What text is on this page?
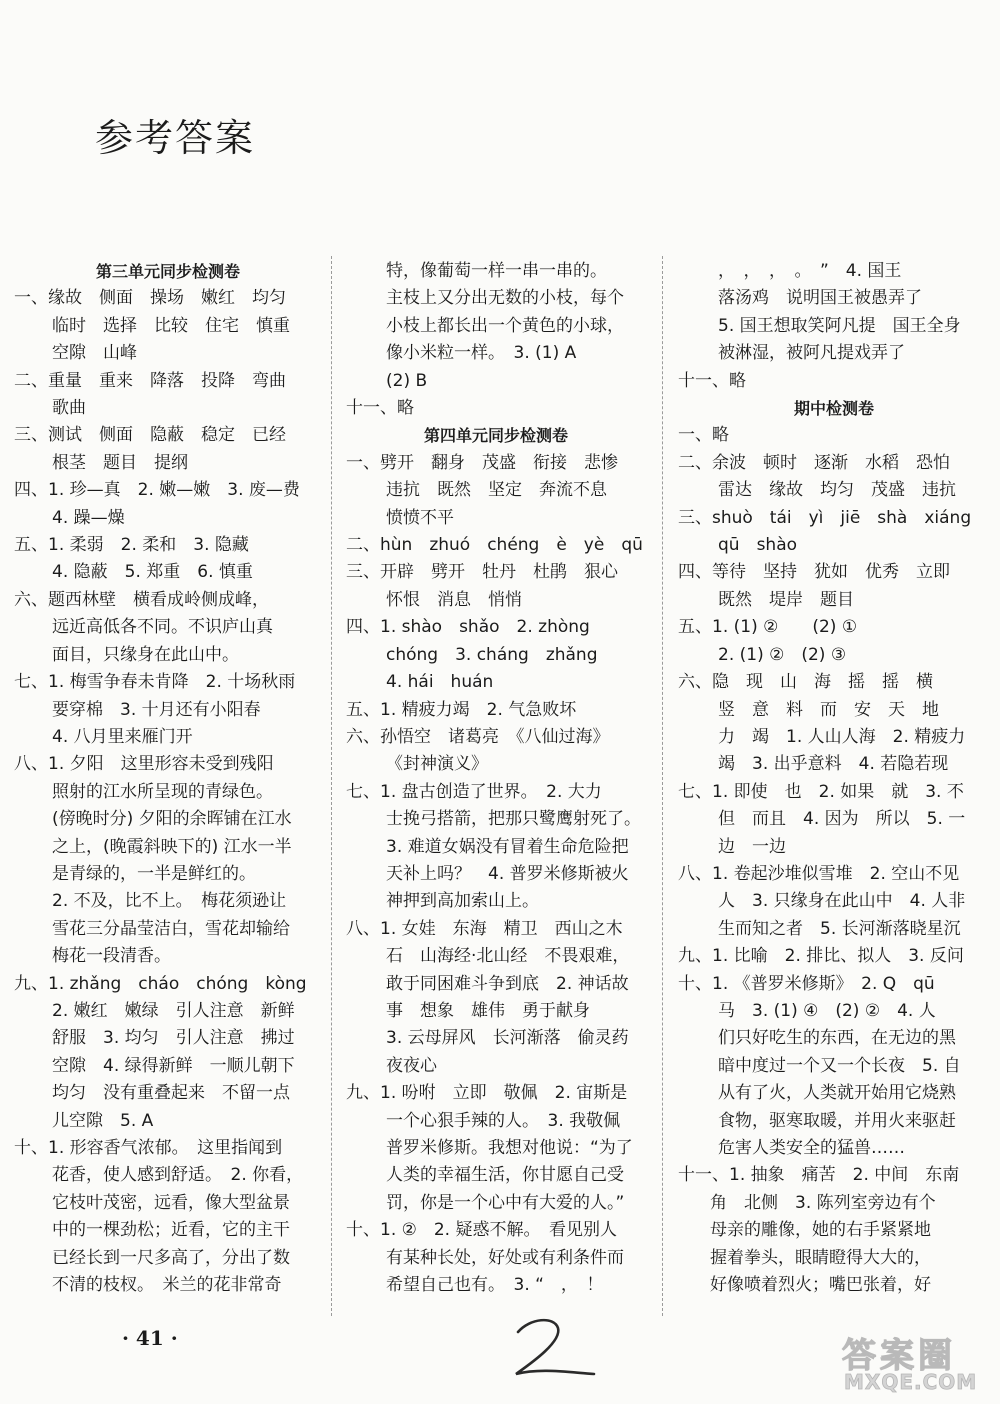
参考答案
第三单元同步检测卷
一、缘故　侧面　操场　嫩红　均匀
临时　选择　比较　住宅　慎重
空隙　山峰
二、重量　重来　降落　投降　弯曲
歌曲
三、测试　侧面　隐蔽　稳定　已经
根茎　题目　提纲
四、1. 珍—真　2. 嫩—嫩　3. 废—费
4. 躁—燥
五、1. 柔弱　2. 柔和　3. 隐藏
4. 隐蔽　5. 郑重　6. 慎重
六、题西林壁　横看成岭侧成峰，
远近高低各不同。不识庐山真
面目，只缘身在此山中。
七、1. 梅雪争春未肯降　2. 十场秋雨
要穿棉　3. 十月还有小阳春
4. 八月里来雁门开
八、1. 夕阳　这里形容未受到残阳
照射的江水所呈现的青绿色。
(傍晚时分) 夕阳的余晖铺在江水
之上，(晚霞斜映下的) 江水一半
是青绿的，一半是鲜红的。
2. 不及，比不上。　梅花须逊让
雪花三分晶莹洁白，雪花却输给
梅花一段清香。
九、1. zhǎng　cháo　chóng　kòng
2. 嫩红　嫩绿　引人注意　新鲜
舒服　3. 均匀　引人注意　拂过
空隙　4. 绿得新鲜　一顺儿朝下
均匀　没有重叠起来　不留一点
儿空隙　5. A
十、1. 形容香气浓郁。　这里指闻到
花香，使人感到舒适。　2. 你看，
它枝叶茂密，远看，像大型盆景
中的一棵劲松；近看，它的主干
已经长到一尺多高了，分出了数
不清的枝杈。　米兰的花非常奇
特，像葡萄一样一串一串的。
主枝上又分出无数的小枝，每个
小枝上都长出一个黄色的小球，
像小米粒一样。　3. (1) A
(2) B
十一、略
第四单元同步检测卷
一、劈开　翻身　茂盛　衔接　悲惨
违抗　既然　坚定　奔流不息
愤愤不平
二、hùn　zhuó　chéng　è　yè　qū
三、开辟　劈开　牡丹　杜鹃　狠心
怀恨　消息　悄悄
四、1. shào　shǎo　2. zhòng
chóng　3. cháng　zhǎng
4. hái　huán
五、1. 精疲力竭　2. 气急败坏
六、孙悟空　诸葛亮　《八仙过海》
《封神演义》
七、1. 盘古创造了世界。　2. 大力
士挽弓搭箭，把那只鹭鹰射死了。
3. 难道女娲没有冒着生命危险把
天补上吗？　4. 普罗米修斯被火
神押到高加索山上。
八、1. 女娃　东海　精卫　西山之木
石　山海经·北山经　不畏艰难，
敢于同困难斗争到底　2. 神话故
事　想象　雄伟　勇于献身
3. 云母屏风　长河渐落　偷灵药
夜夜心
九、1. 吩咐　立即　敬佩　2. 宙斯是
一个心狠手辣的人。　3. 我敬佩
普罗米修斯。我想对他说：“为了
人类的幸福生活，你甘愿自己受
罚，你是一个心中有大爱的人。”
十、1. ②　2. 疑惑不解。　看见别人
有某种长处，好处或有利条件而
希望自己也有。　3. “　，　！
，　，　，　。　”　4. 国王
落汤鸡　说明国王被愚弄了
5. 国王想取笑阿凡提　国王全身
被淋湿，被阿凡提戏弄了
十一、略
期中检测卷
一、略
二、余波　顿时　逐渐　水稻　恐怕
雷达　缘故　均匀　茂盛　违抗
三、shuò　tái　yì　jiē　shà　xiáng
qū　shào
四、等待　坚持　犹如　优秀　立即
既然　堤岸　题目
五、1. (1) ②　　(2) ①
2. (1) ②　(2) ③
六、隐　现　山　海　摇　摇　横
竖　意　料　而　安　天　地
力　竭　1. 人山人海　2. 精疲力
竭　3. 出乎意料　4. 若隐若现
七、1. 即使　也　2. 如果　就　3. 不
但　而且　4. 因为　所以　5. 一
边　一边
八、1. 卷起沙堆似雪堆　2. 空山不见
人　3. 只缘身在此山中　4. 人非
生而知之者　5. 长河渐落晓星沉
九、1. 比喻　2. 排比、拟人　3. 反问
十、1. 《普罗米修斯》　2. Q　qū
马　3. (1) ④　(2) ②　4. 人
们只好吃生的东西，在无边的黑
暗中度过一个又一个长夜　5. 自
从有了火，人类就开始用它烧熟
食物，驱寒取暖，并用火来驱赶
危害人类安全的猛兽……
十一、1. 抽象　痛苦　2. 中间　东南
角　北侧　3. 陈列室旁边有个
母亲的雕像，她的右手紧紧地
握着拳头，眼睛瞪得大大的，
好像喷着烈火；嘴巴张着，好
· 41 ·	答案圈
MXQE.COM
